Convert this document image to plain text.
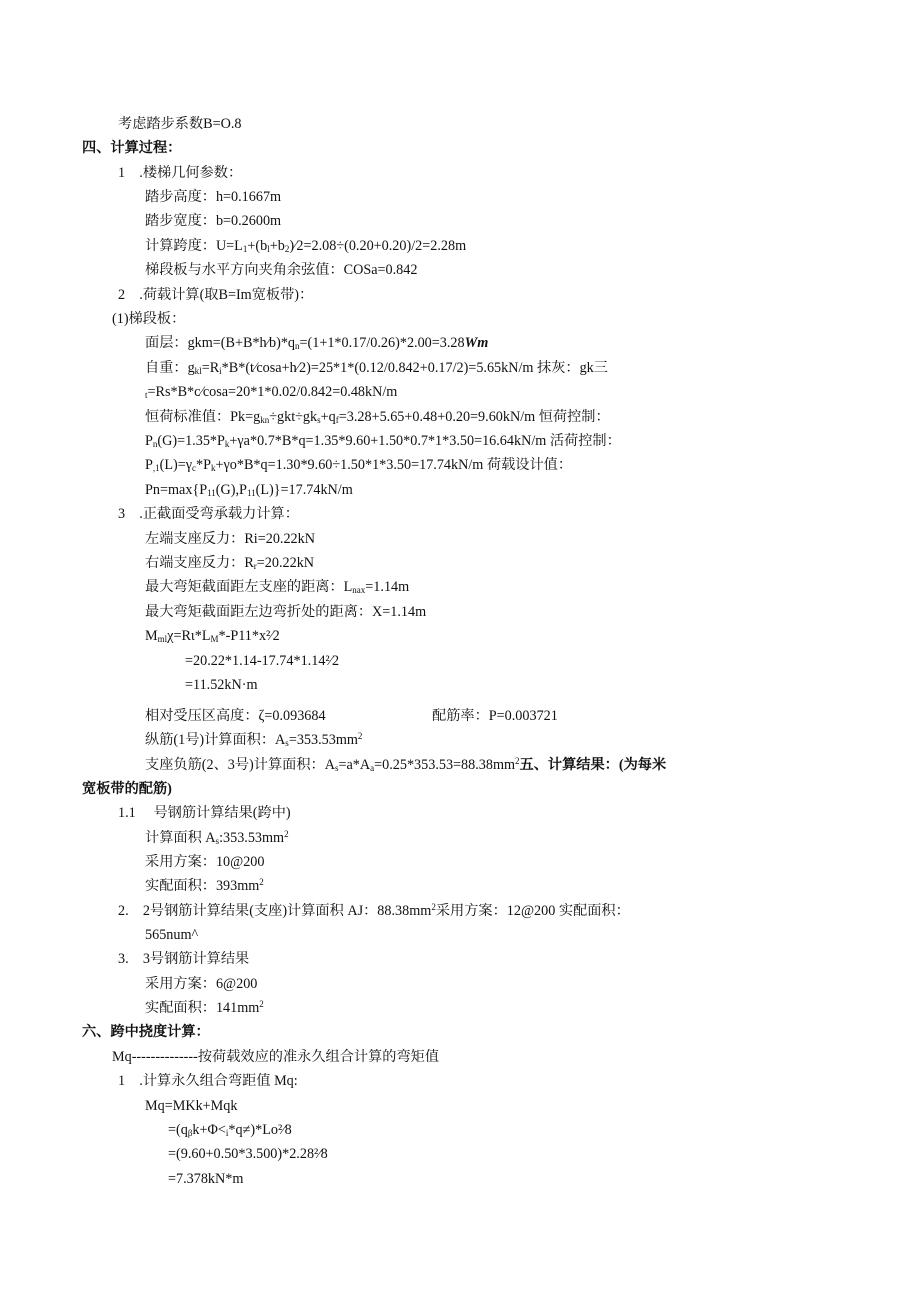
考虑踏步系数B=O.8
四、计算过程：
1　.楼梯几何参数：
踏步高度：h=0.1667m
踏步宽度：b=0.2600m
计算跨度：$U=L_1+(b_l+b_2)⁄2=2.08\div(0.20+0.20)/2=2.28m$
梯段板与水平方向夹角余弦值：COSa=0.842
2　.荷载计算(取B=Im宽板带)：
(1)梯段板：
面层：$gkm=(B+B*h⁄b)*q_n=(1+1*0.17/0.26)*2.00=3.28Wm$
自重：$g_{kl}=R_i*B*(t⁄\cos a+h⁄2)=25*1*(0.12/0.842+0.17/2)=5.65kN/m$ 抹灰：gk三
$_t$=Rs*B*c⁄cosa=20*1*0.02/0.842=0.48kN/m
恒荷标准值：$Pk=g_{kn}\div gkt\div gk_s+q_f=3.28+5.65+0.48+0.20=9.60kN/m$ 恒荷控制：
$P_n(G)=1.35*P_k+\gamma a*0.7*B*q=1.35*9.60+1.50*0.7*1*3.50=16.64kN/m$ 活荷控制：
$P_{,1}(L)=\gamma_c*P_k+\gamma o*B*q=1.30*9.60\div 1.50*1*3.50=17.74kN/m$ 荷载设计值：
$Pn=\max\{P_{11}(G),P_{11}(L)\}=17.74kN/m$
3　.正截面受弯承载力计算：
左端支座反力：Ri=20.22kN
右端支座反力：$R_r=20.22kN$
最大弯矩截面距左支座的距离：$L_{nax}=1.14m$
最大弯矩截面距左边弯折处的距离：X=1.14m
$M_{ml}\chi=R\iota*L_M*-P11*x^2⁄2$
=20.22*1.14-17.74*1.14²⁄2
=11.52kN·m
相对受压区高度：ζ=0.093684	配筋率：P=0.003721
纵筋(1号)计算面积：$A_s=353.53mm^2$
支座负筋(2、3号)计算面积：$A_s=a*A_a=0.25*353.53=88.38mm^2$五、计算结果：(为每米
宽板带的配筋)
1.1　 号钢筋计算结果(跨中)
计算面积 $A_s:353.53mm^2$
采用方案：10@200
实配面积：$393mm^2$
2.　2号钢筋计算结果(支座)计算面积 AJ：$88.38mm^2$采用方案：12@200 实配面积：
565num^
3.　3号钢筋计算结果
采用方案：6@200
实配面积：$141mm^2$
六、跨中挠度计算：
Mq--------------按荷载效应的准永久组合计算的弯矩值
1　.计算永久组合弯距值 Mq:
Mq=MKk+Mqk
$=(q_\beta k+\Phi<_i*q\ne)*Lo^2⁄8$
=(9.60+0.50*3.500)*2.28²⁄8
=7.378kN*m
